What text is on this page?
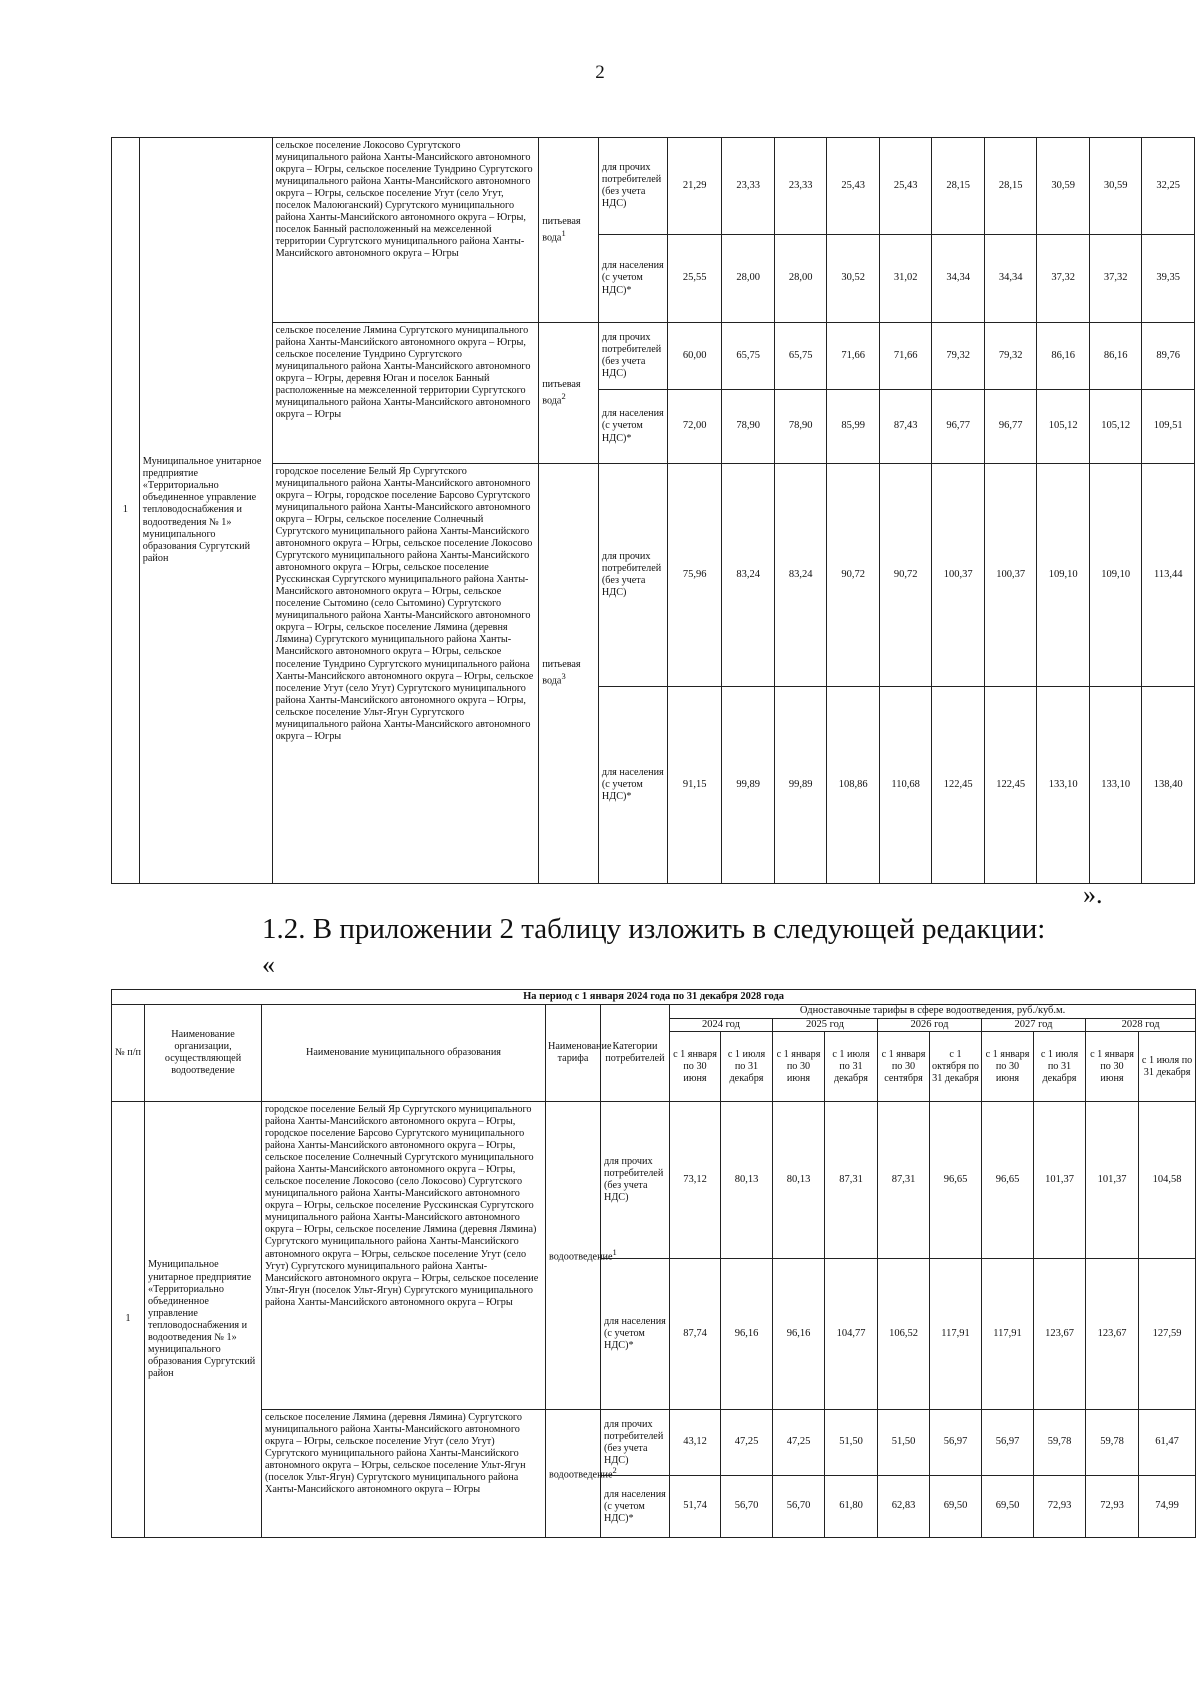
2
1	Муниципальное унитарное предприятие «Территориально объединенное управление тепловодоснабжения и водоотведения № 1» муниципального образования Сургутский район	сельское поселение Локосово Сургутского муниципального района Ханты-Мансийского автономного округа – Югры, сельское поселение Тундрино Сургутского муниципального района Ханты-Мансийского автономного округа – Югры, сельское поселение Угут (село Угут, поселок Малоюганский) Сургутского муниципального района Ханты-Мансийского автономного округа – Югры, поселок Банный расположенный на межселенной территории Сургутского муниципального района Ханты-Мансийского автономного округа – Югры	питьевая вода$^1$	для прочих потребителей (без учета НДС)	21,29	23,33	23,33	25,43	25,43	28,15	28,15	30,59	30,59	32,25
				для населения (с учетом НДС)*	25,55	28,00	28,00	30,52	31,02	34,34	34,34	37,32	37,32	39,35
		сельское поселение Лямина Сургутского муниципального района Ханты-Мансийского автономного округа – Югры, сельское поселение Тундрино Сургутского муниципального района Ханты-Мансийского автономного округа – Югры, деревня Юган и поселок Банный расположенные на межселенной территории Сургутского муниципального района Ханты-Мансийского автономного округа – Югры	питьевая вода$^2$	для прочих потребителей (без учета НДС)	60,00	65,75	65,75	71,66	71,66	79,32	79,32	86,16	86,16	89,76
				для населения (с учетом НДС)*	72,00	78,90	78,90	85,99	87,43	96,77	96,77	105,12	105,12	109,51
		городское поселение Белый Яр Сургутского муниципального района Ханты-Мансийского автономного округа – Югры, городское поселение Барсово Сургутского муниципального района Ханты-Мансийского автономного округа – Югры, сельское поселение Солнечный Сургутского муниципального района Ханты-Мансийского автономного округа – Югры, сельское поселение Локосово Сургутского муниципального района Ханты-Мансийского автономного округа – Югры, сельское поселение Русскинская Сургутского муниципального района Ханты-Мансийского автономного округа – Югры, сельское поселение Сытомино (село Сытомино) Сургутского муниципального района Ханты-Мансийского автономного округа – Югры, сельское поселение Лямина (деревня Лямина) Сургутского муниципального района Ханты-Мансийского автономного округа – Югры, сельское поселение Тундрино Сургутского муниципального района Ханты-Мансийского автономного округа – Югры, сельское поселение Угут (село Угут) Сургутского муниципального района Ханты-Мансийского автономного округа – Югры, сельское поселение Ульт-Ягун Сургутского муниципального района Ханты-Мансийского автономного округа – Югры	питьевая вода$^3$	для прочих потребителей (без учета НДС)	75,96	83,24	83,24	90,72	90,72	100,37	100,37	109,10	109,10	113,44
				для населения (с учетом НДС)*	91,15	99,89	99,89	108,86	110,68	122,45	122,45	133,10	133,10	138,40
».
1.2. В приложении 2 таблицу изложить в следующей редакции:
«
На период с 1 января 2024 года по 31 декабря 2028 года														
№ п/п	Наименование организации, осуществляющей водоотведение	Наименование муниципального образования	Наименование тарифа	Категории потребителей	Одноставочные тарифы в сфере водоотведения, руб./куб.м.									
					2024 год		2025 год		2026 год		2027 год		2028 год	
					с 1 января по 30 июня	с 1 июля по 31 декабря	с 1 января по 30 июня	с 1 июля по 31 декабря	с 1 января по 30 сентября	с 1 октября по 31 декабря	с 1 января по 30 июня	с 1 июля по 31 декабря	с 1 января по 30 июня	с 1 июля по 31 декабря
1	Муниципальное унитарное предприятие «Территориально объединенное управление тепловодоснабжения и водоотведения № 1» муниципального образования Сургутский район	городское поселение Белый Яр Сургутского муниципального района Ханты-Мансийского автономного округа – Югры, городское поселение Барсово Сургутского муниципального района Ханты-Мансийского автономного округа – Югры, сельское поселение Солнечный Сургутского муниципального района Ханты-Мансийского автономного округа – Югры, сельское поселение Локосово (село Локосово) Сургутского муниципального района Ханты-Мансийского автономного округа – Югры, сельское поселение Русскинская Сургутского муниципального района Ханты-Мансийского автономного округа – Югры, сельское поселение Лямина (деревня Лямина) Сургутского муниципального района Ханты-Мансийского автономного округа – Югры, сельское поселение Угут (село Угут) Сургутского муниципального района Ханты-Мансийского автономного округа – Югры, сельское поселение Ульт-Ягун (поселок Ульт-Ягун) Сургутского муниципального района Ханты-Мансийского автономного округа – Югры	водоотведение$^1$	для прочих потребителей (без учета НДС)	73,12	80,13	80,13	87,31	87,31	96,65	96,65	101,37	101,37	104,58
				для населения (с учетом НДС)*	87,74	96,16	96,16	104,77	106,52	117,91	117,91	123,67	123,67	127,59
		сельское поселение Лямина (деревня Лямина) Сургутского муниципального района Ханты-Мансийского автономного округа – Югры, сельское поселение Угут (село Угут) Сургутского муниципального района Ханты-Мансийского автономного округа – Югры, сельское поселение Ульт-Ягун (поселок Ульт-Ягун) Сургутского муниципального района Ханты-Мансийского автономного округа – Югры	водоотведение$^2$	для прочих потребителей (без учета НДС)	43,12	47,25	47,25	51,50	51,50	56,97	56,97	59,78	59,78	61,47
				для населения (с учетом НДС)*	51,74	56,70	56,70	61,80	62,83	69,50	69,50	72,93	72,93	74,99
